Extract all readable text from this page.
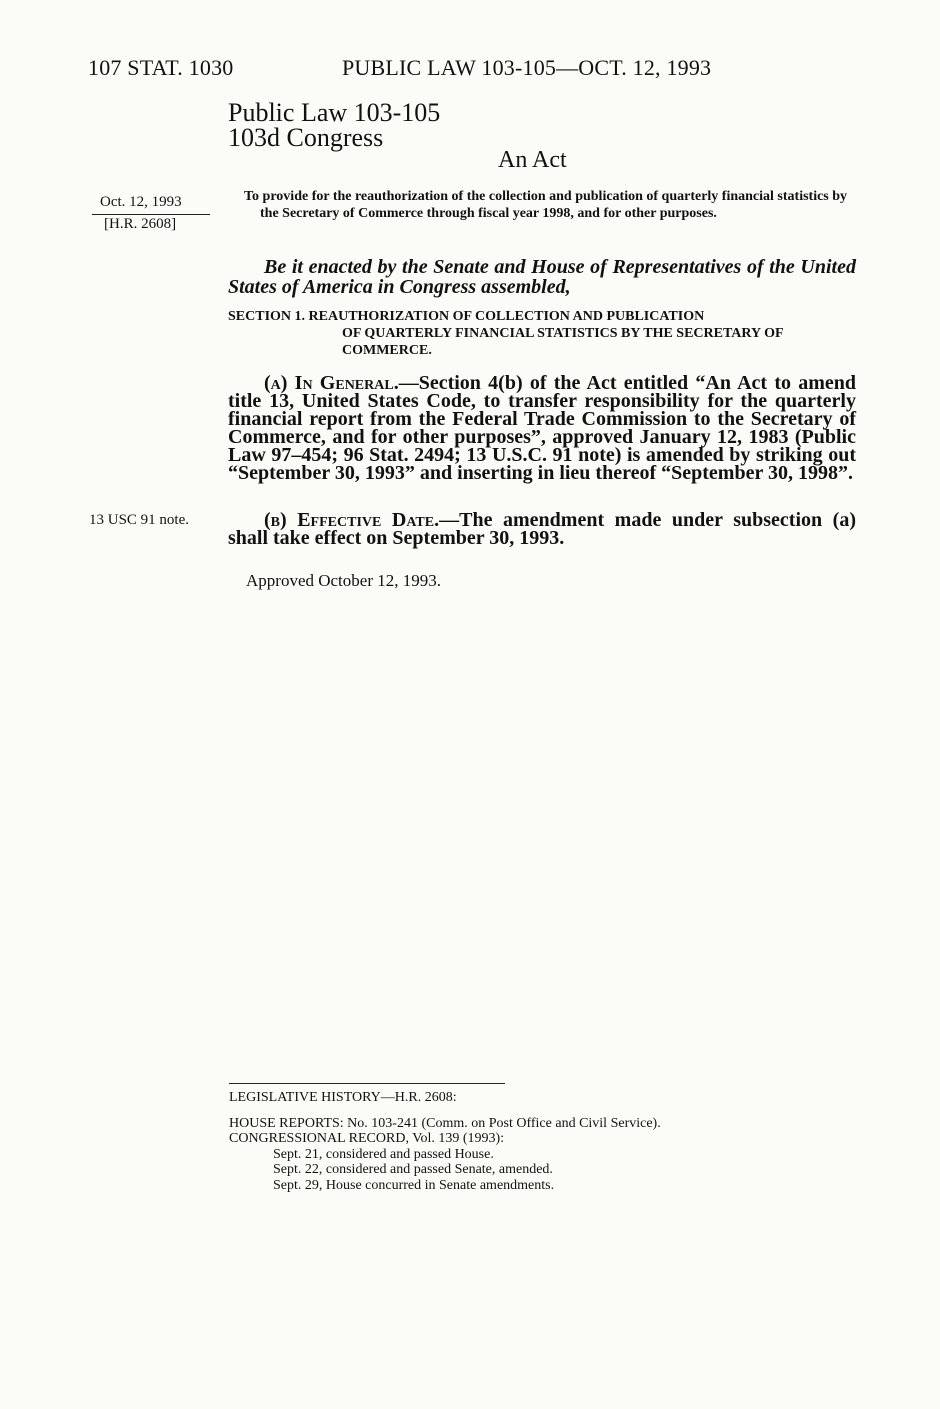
107 STAT. 1030	PUBLIC LAW 103-105—OCT. 12, 1993
Public Law 103-105
103d Congress
An Act
Oct. 12, 1993
[H.R. 2608]

To provide for the reauthorization of the collection and publication of quarterly financial statistics by the Secretary of Commerce through fiscal year 1998, and for other purposes.

Be it enacted by the Senate and House of Representatives of the United States of America in Congress assembled,

SECTION 1. REAUTHORIZATION OF COLLECTION AND PUBLICATION
OF QUARTERLY FINANCIAL STATISTICS BY THE SECRETARY OF COMMERCE.

(a) In General.—Section 4(b) of the Act entitled “An Act to amend title 13, United States Code, to transfer responsibility for the quarterly financial report from the Federal Trade Commission to the Secretary of Commerce, and for other purposes”, approved January 12, 1983 (Public Law 97–454; 96 Stat. 2494; 13 U.S.C. 91 note) is amended by striking out “September 30, 1993” and inserting in lieu thereof “September 30, 1998”.

13 USC 91 note.	(b) Effective Date.—The amendment made under subsection (a) shall take effect on September 30, 1993.

Approved October 12, 1993.

LEGISLATIVE HISTORY—H.R. 2608:

HOUSE REPORTS: No. 103-241 (Comm. on Post Office and Civil Service).

CONGRESSIONAL RECORD, Vol. 139 (1993):

Sept. 21, considered and passed House.

Sept. 22, considered and passed Senate, amended.

Sept. 29, House concurred in Senate amendments.
